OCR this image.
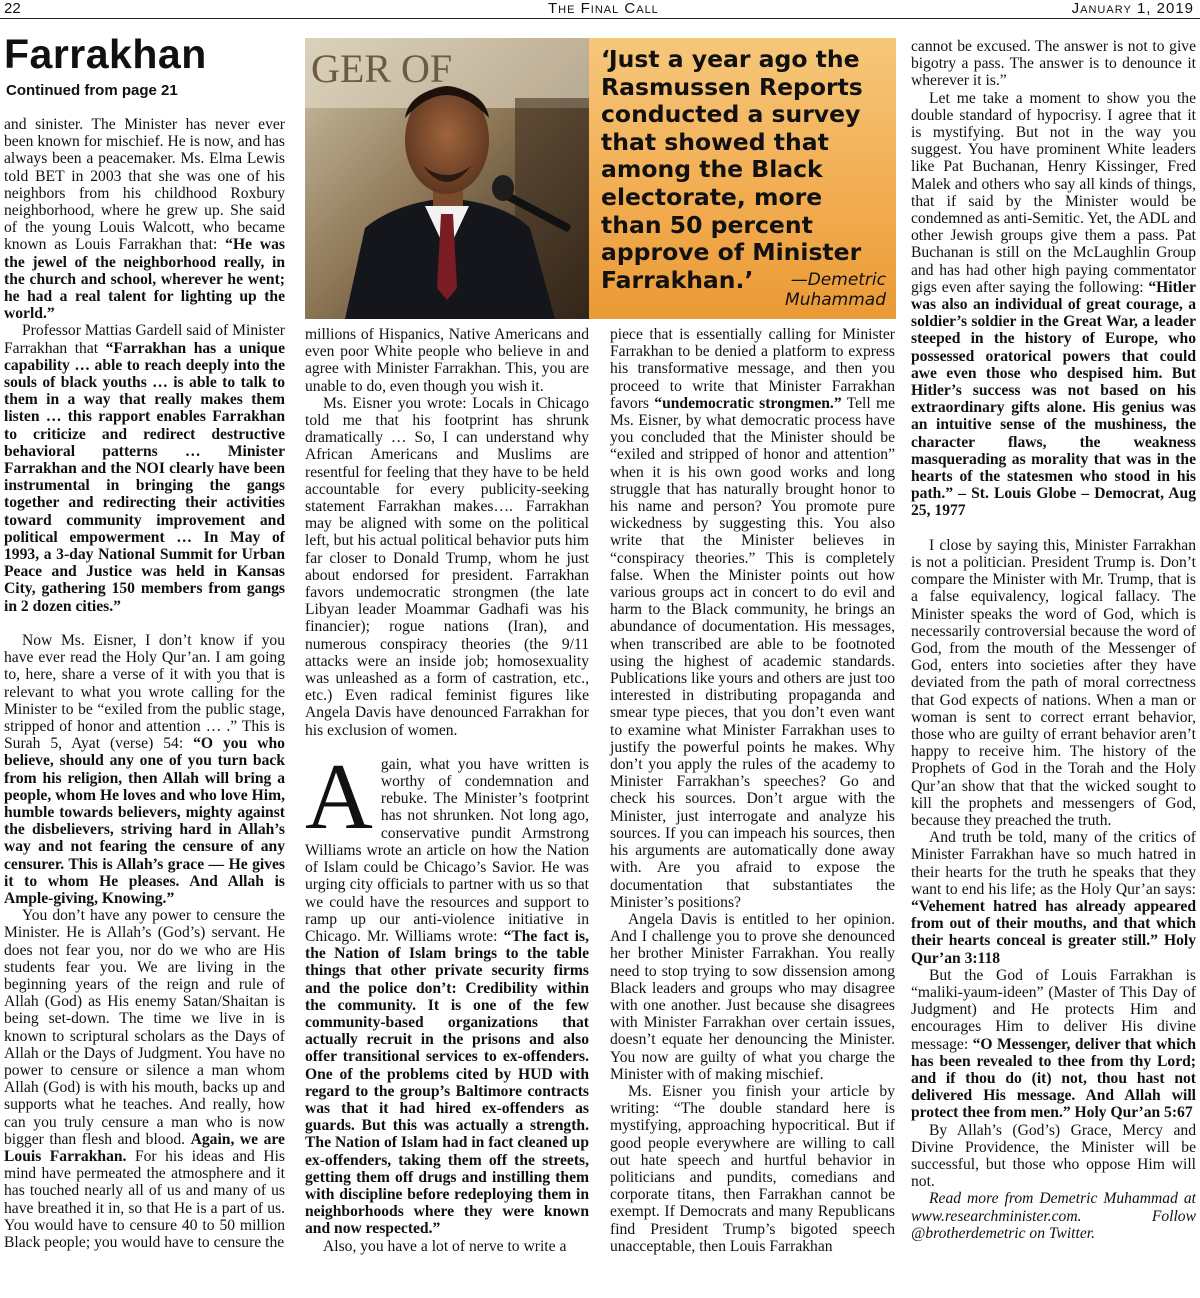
22	The Final Call	January 1, 2019
Farrakhan
Continued from page 21

and sinister. The Minister has never ever been known for mischief. He is now, and has always been a peacemaker. Ms. Elma Lewis told BET in 2003 that she was one of his neighbors from his childhood Roxbury neighborhood, where he grew up. She said of the young Louis Walcott, who became known as Louis Farrakhan that: “He was the jewel of the neighborhood really, in the church and school, wherever he went; he had a real talent for lighting up the world.”

Professor Mattias Gardell said of Minister Farrakhan that “Farrakhan has a unique capability … able to reach deeply into the souls of black youths … is able to talk to them in a way that really makes them listen … this rapport enables Farrakhan to criticize and redirect destructive behavioral patterns … Minister Farrakhan and the NOI clearly have been instrumental in bringing the gangs together and redirecting their activities toward community improvement and political empowerment … In May of 1993, a 3-day National Summit for Urban Peace and Justice was held in Kansas City, gathering 150 members from gangs in 2 dozen cities.”

Now Ms. Eisner, I don’t know if you have ever read the Holy Qur’an. I am going to, here, share a verse of it with you that is relevant to what you wrote calling for the Minister to be “exiled from the public stage, stripped of honor and attention … .” This is Surah 5, Ayat (verse) 54: “O you who believe, should any one of you turn back from his religion, then Allah will bring a people, whom He loves and who love Him, humble towards believers, mighty against the disbelievers, striving hard in Allah’s way and not fearing the censure of any censurer. This is Allah’s grace — He gives it to whom He pleases. And Allah is Ample-giving, Knowing.”

You don’t have any power to censure the Minister. He is Allah’s (God’s) servant. He does not fear you, nor do we who are His students fear you. We are living in the beginning years of the reign and rule of Allah (God) as His enemy Satan/Shaitan is being set-down. The time we live in is known to scriptural scholars as the Days of Allah or the Days of Judgment. You have no power to censure or silence a man whom Allah (God) is with his mouth, backs up and supports what he teaches. And really, how can you truly censure a man who is now bigger than flesh and blood. Again, we are Louis Farrakhan. For his ideas and His mind have permeated the atmosphere and it has touched nearly all of us and many of us have breathed it in, so that He is a part of us. You would have to censure 40 to 50 million Black people; you would have to censure the

GER OF	‘Just a year ago the Rasmussen Reports conducted a survey that showed that among the Black electorate, more than 50 percent approve of Minister Farrakhan.’	—Demetric
Muhammad

millions of Hispanics, Native Americans and even poor White people who believe in and agree with Minister Farrakhan. This, you are unable to do, even though you wish it.

Ms. Eisner you wrote: Locals in Chicago told me that his footprint has shrunk dramatically … So, I can understand why African Americans and Muslims are resentful for feeling that they have to be held accountable for every publicity-seeking statement Farrakhan makes…. Farrakhan may be aligned with some on the political left, but his actual political behavior puts him far closer to Donald Trump, whom he just about endorsed for president. Farrakhan favors undemocratic strongmen (the late Libyan leader Moammar Gadhafi was his financier); rogue nations (Iran), and numerous conspiracy theories (the 9/11 attacks were an inside job; homosexuality was unleashed as a form of castration, etc., etc.) Even radical feminist figures like Angela Davis have denounced Farrakhan for his exclusion of women.

Again, what you have written is worthy of condemnation and rebuke. The Minister’s footprint has not shrunken. Not long ago, conservative pundit Armstrong Williams wrote an article on how the Nation of Islam could be Chicago’s Savior. He was urging city officials to partner with us so that we could have the resources and support to ramp up our anti-violence initiative in Chicago. Mr. Williams wrote: “The fact is, the Nation of Islam brings to the table things that other private security firms and the police don’t: Credibility within the community. It is one of the few community-based organizations that actually recruit in the prisons and also offer transitional services to ex-offenders. One of the problems cited by HUD with regard to the group’s Baltimore contracts was that it had hired ex-offenders as guards. But this was actually a strength. The Nation of Islam had in fact cleaned up ex-offenders, taking them off the streets, getting them off drugs and instilling them with discipline before redeploying them in neighborhoods where they were known and now respected.”

Also, you have a lot of nerve to write a

piece that is essentially calling for Minister Farrakhan to be denied a platform to express his transformative message, and then you proceed to write that Minister Farrakhan favors “undemocratic strongmen.” Tell me Ms. Eisner, by what democratic process have you concluded that the Minister should be “exiled and stripped of honor and attention” when it is his own good works and long struggle that has naturally brought honor to his name and person? You promote pure wickedness by suggesting this. You also write that the Minister believes in “conspiracy theories.” This is completely false. When the Minister points out how various groups act in concert to do evil and harm to the Black community, he brings an abundance of documentation. His messages, when transcribed are able to be footnoted using the highest of academic standards. Publications like yours and others are just too interested in distributing propaganda and smear type pieces, that you don’t even want to examine what Minister Farrakhan uses to justify the powerful points he makes. Why don’t you apply the rules of the academy to Minister Farrakhan’s speeches? Go and check his sources. Don’t argue with the Minister, just interrogate and analyze his sources. If you can impeach his sources, then his arguments are automatically done away with. Are you afraid to expose the documentation that substantiates the Minister’s positions?

Angela Davis is entitled to her opinion. And I challenge you to prove she denounced her brother Minister Farrakhan. You really need to stop trying to sow dissension among Black leaders and groups who may disagree with one another. Just because she disagrees with Minister Farrakhan over certain issues, doesn’t equate her denouncing the Minister. You now are guilty of what you charge the Minister with of making mischief.

Ms. Eisner you finish your article by writing: “The double standard here is mystifying, approaching hypocritical. But if good people everywhere are willing to call out hate speech and hurtful behavior in politicians and pundits, comedians and corporate titans, then Farrakhan cannot be exempt. If Democrats and many Republicans find President Trump’s bigoted speech unacceptable, then Louis Farrakhan

cannot be excused. The answer is not to give bigotry a pass. The answer is to denounce it wherever it is.”

Let me take a moment to show you the double standard of hypocrisy. I agree that it is mystifying. But not in the way you suggest. You have prominent White leaders like Pat Buchanan, Henry Kissinger, Fred Malek and others who say all kinds of things, that if said by the Minister would be condemned as anti-Semitic. Yet, the ADL and other Jewish groups give them a pass. Pat Buchanan is still on the McLaughlin Group and has had other high paying commentator gigs even after saying the following: “Hitler was also an individual of great courage, a soldier’s soldier in the Great War, a leader steeped in the history of Europe, who possessed oratorical powers that could awe even those who despised him. But Hitler’s success was not based on his extraordinary gifts alone. His genius was an intuitive sense of the mushiness, the character flaws, the weakness masquerading as morality that was in the hearts of the statesmen who stood in his path.” – St. Louis Globe – Democrat, Aug 25, 1977

I close by saying this, Minister Farrakhan is not a politician. President Trump is. Don’t compare the Minister with Mr. Trump, that is a false equivalency, logical fallacy. The Minister speaks the word of God, which is necessarily controversial because the word of God, from the mouth of the Messenger of God, enters into societies after they have deviated from the path of moral correctness that God expects of nations. When a man or woman is sent to correct errant behavior, those who are guilty of errant behavior aren’t happy to receive him. The history of the Prophets of God in the Torah and the Holy Qur’an show that that the wicked sought to kill the prophets and messengers of God, because they preached the truth.

And truth be told, many of the critics of Minister Farrakhan have so much hatred in their hearts for the truth he speaks that they want to end his life; as the Holy Qur’an says: “Vehement hatred has already appeared from out of their mouths, and that which their hearts conceal is greater still.” Holy Qur’an 3:118

But the God of Louis Farrakhan is “maliki-yaum-ideen” (Master of This Day of Judgment) and He protects Him and encourages Him to deliver His divine message: “O Messenger, deliver that which has been revealed to thee from thy Lord; and if thou do (it) not, thou hast not delivered His message. And Allah will protect thee from men.” Holy Qur’an 5:67

By Allah’s (God’s) Grace, Mercy and Divine Providence, the Minister will be successful, but those who oppose Him will not.

Read more from Demetric Muhammad at www.researchminister.com. Follow @brotherdemetric on Twitter.
